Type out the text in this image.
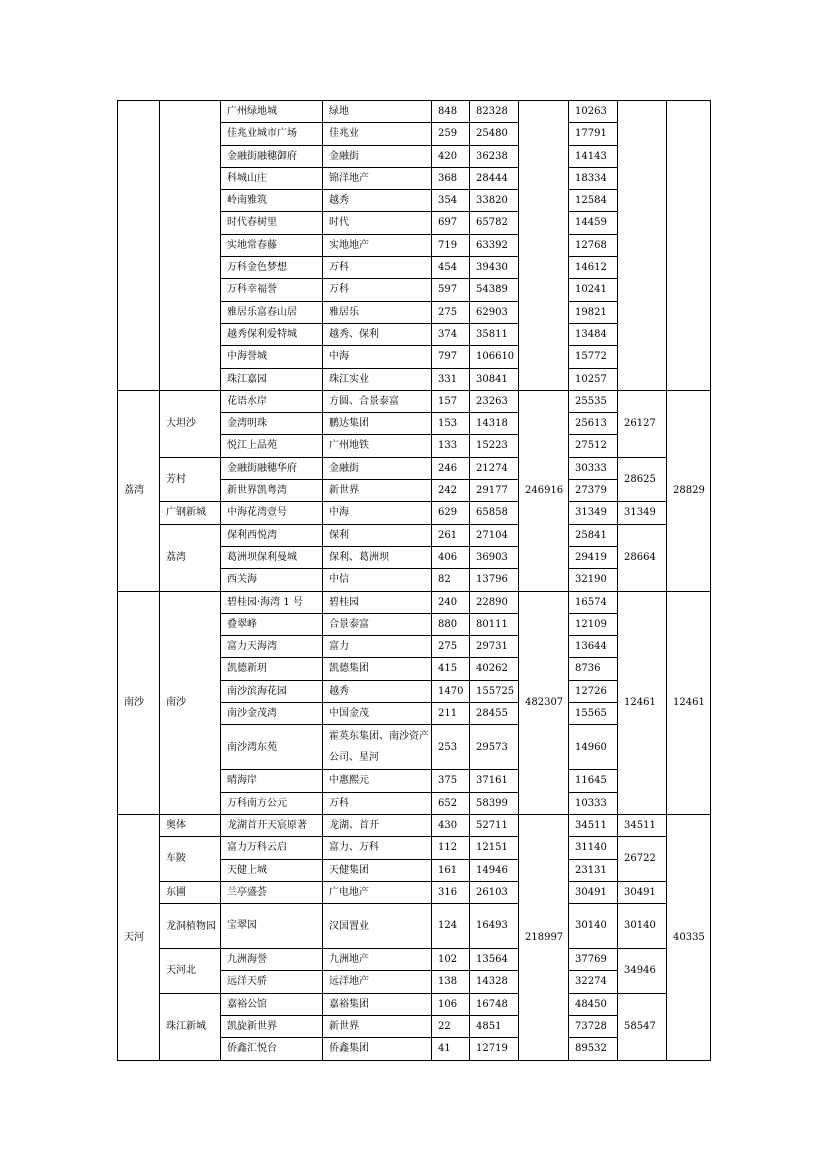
		广州绿地城	绿地	848	82328		10263		
		佳兆业城市广场	佳兆业	259	25480		17791		
		金融街融穗御府	金融街	420	36238		14143		
		科城山庄	锦洋地产	368	28444		18334		
		岭南雅筑	越秀	354	33820		12584		
		时代春树里	时代	697	65782		14459		
		实地常春藤	实地地产	719	63392		12768		
		万科金色梦想	万科	454	39430		14612		
		万科幸福誉	万科	597	54389		10241		
		雅居乐富春山居	雅居乐	275	62903		19821		
		越秀保利爱特城	越秀、保利	374	35811		13484		
		中海誉城	中海	797	106610		15772		
		珠江嘉园	珠江实业	331	30841		10257		
荔湾	大坦沙	花语水岸	方圆、合景泰富	157	23263	246916	25535	26127	28829
		金湾明珠	鹏达集团	153	14318		25613		
		悦江上品苑	广州地铁	133	15223		27512		
	芳村	金融街融穗华府	金融街	246	21274		30333	28625	
		新世界凯粤湾	新世界	242	29177		27379		
	广钢新城	中海花湾壹号	中海	629	65858		31349	31349	
	荔湾	保利西悦湾	保利	261	27104		25841	28664	
		葛洲坝保利曼城	保利、葛洲坝	406	36903		29419		
		西关海	中信	82	13796		32190		
南沙	南沙	碧桂园·海湾 1 号	碧桂园	240	22890	482307	16574	12461	12461
		叠翠峰	合景泰富	880	80111		12109		
		富力天海湾	富力	275	29731		13644		
		凯德新玥	凯德集团	415	40262		8736		
		南沙滨海花园	越秀	1470	155725		12726		
		南沙金茂湾	中国金茂	211	28455		15565		
		南沙湾东苑	霍英东集团、南沙资产公司、星河	253	29573		14960		
		晴海岸	中惠熙元	375	37161		11645		
		万科南方公元	万科	652	58399		10333		
天河	奥体	龙湖首开天宸原著	龙湖、首开	430	52711	218997	34511	34511	40335
	车陂	富力万科云启	富力、万科	112	12151		31140	26722	
		天健上城	天健集团	161	14946		23131		
	东圃	兰亭盛荟	广电地产	316	26103		30491	30491	
	龙洞植物园	宝翠园	汉国置业	124	16493		30140	30140	
	天河北	九洲海誉	九洲地产	102	13564		37769	34946	
		远洋天骄	远洋地产	138	14328		32274		
	珠江新城	嘉裕公馆	嘉裕集团	106	16748		48450	58547	
		凯旋新世界	新世界	22	4851		73728		
		侨鑫汇悦台	侨鑫集团	41	12719		89532		
